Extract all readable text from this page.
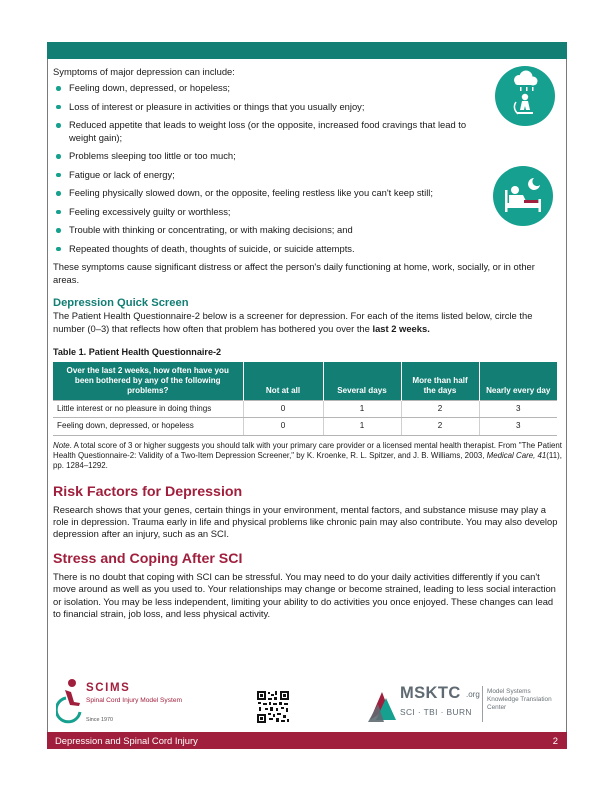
Symptoms of major depression can include:

Feeling down, depressed, or hopeless;
Loss of interest or pleasure in activities or things that you usually enjoy;
Reduced appetite that leads to weight loss (or the opposite, increased food cravings that lead to weight gain);
Problems sleeping too little or too much;
Fatigue or lack of energy;
Feeling physically slowed down, or the opposite, feeling restless like you can't keep still;
Feeling excessively guilty or worthless;
Trouble with thinking or concentrating, or with making decisions; and
Repeated thoughts of death, thoughts of suicide, or suicide attempts.

These symptoms cause significant distress or affect the person's daily functioning at home, work, socially, or in other areas.

Depression Quick Screen

The Patient Health Questionnaire-2 below is a screener for depression. For each of the items listed below, circle the number (0–3) that reflects how often that problem has bothered you over the last 2 weeks.

Table 1. Patient Health Questionnaire-2

Over the last 2 weeks, how often have you been bothered by any of the following problems?	Not at all	Several days	More than half the days	Nearly every day
Little interest or no pleasure in doing things	0	1	2	3
Feeling down, depressed, or hopeless	0	1	2	3

Note. A total score of 3 or higher suggests you should talk with your primary care provider or a licensed mental health therapist. From "The Patient Health Questionnaire-2: Validity of a Two-Item Depression Screener," by K. Kroenke, R. L. Spitzer, and J. B. Williams, 2003, Medical Care, 41(11), pp. 1284–1292.

Risk Factors for Depression

Research shows that your genes, certain things in your environment, mental factors, and substance misuse may play a role in depression. Trauma early in life and physical problems like chronic pain may also contribute. You may also develop depression after an injury, such as an SCI.

Stress and Coping After SCI

There is no doubt that coping with SCI can be stressful. You may need to do your daily activities differently if you can't move around as well as you used to. Your relationships may change or become strained, leading to less social interaction or isolation. You may be less independent, limiting your ability to do activities you once enjoyed. These changes can lead to financial strain, job loss, and less physical activity.

SCIMS
Spinal Cord Injury Model System
Since 1970
MSKTC .org
SCI · TBI · BURN
Model Systems
Knowledge Translation
Center
Depression and Spinal Cord Injury	2
